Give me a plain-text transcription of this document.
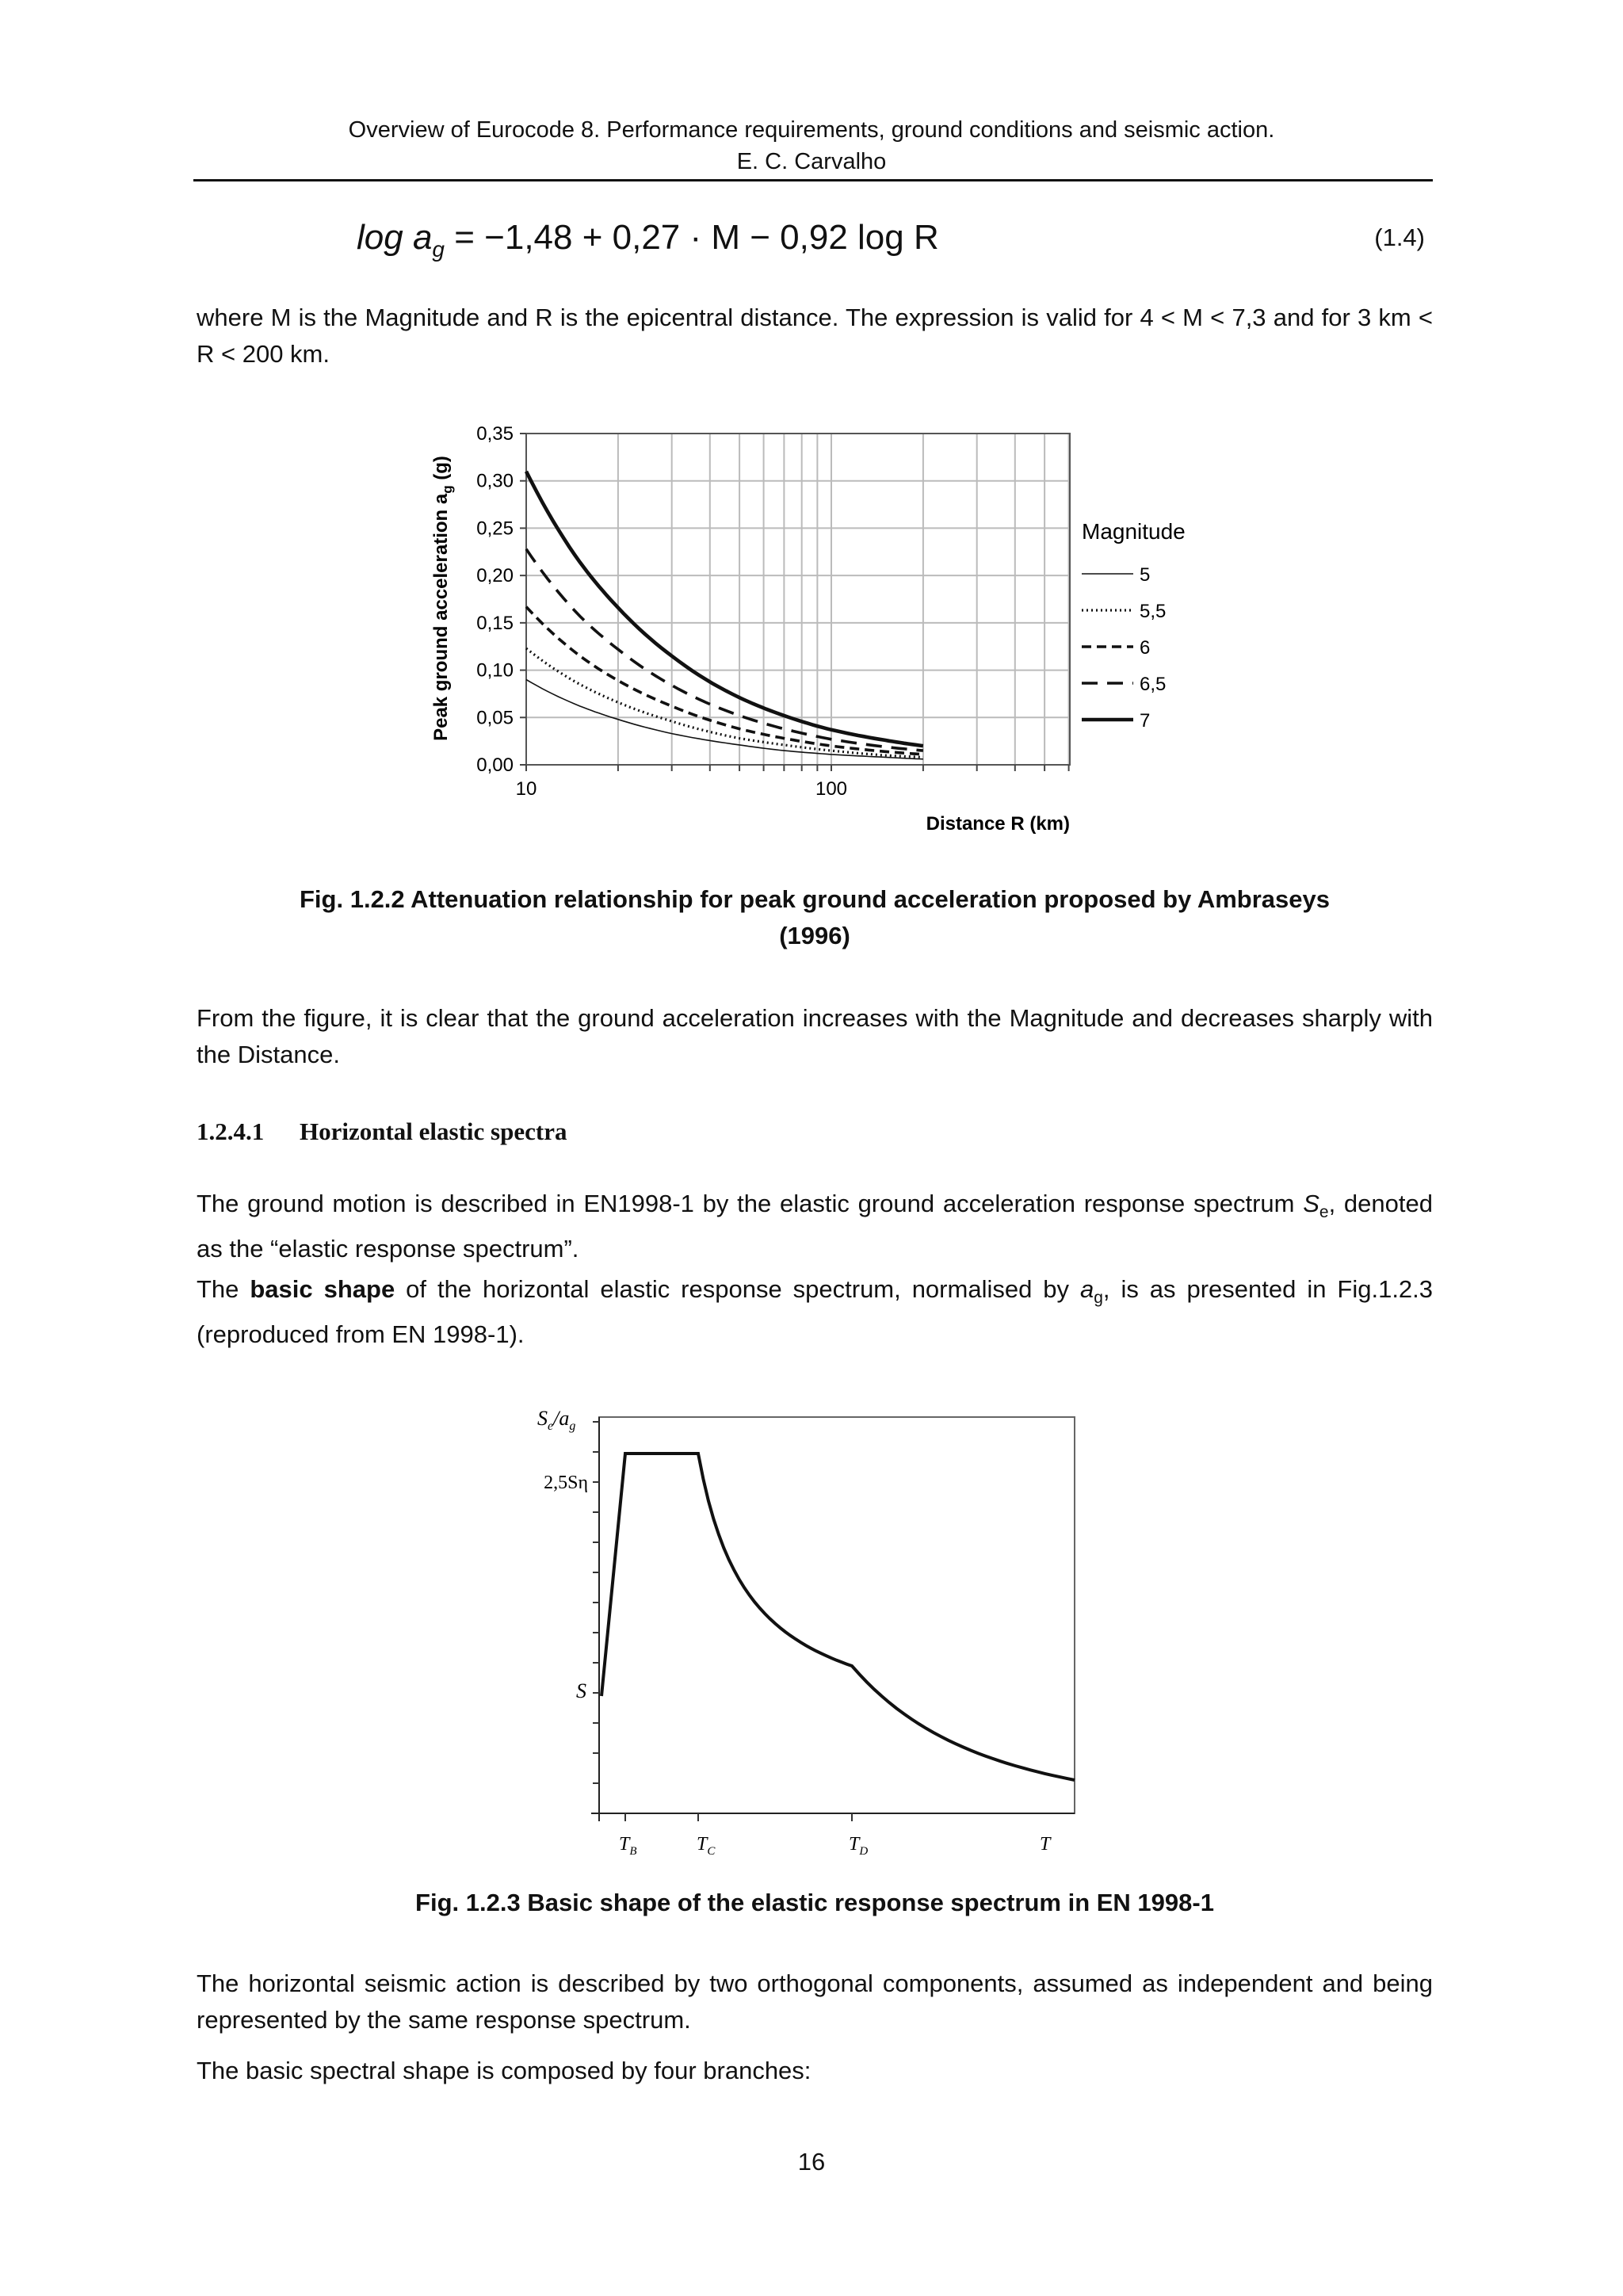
Overview of Eurocode 8. Performance requirements, ground conditions and seismic action.
E. C. Carvalho
$\log a_g = -1,48 + 0,27 \cdot M - 0,92$ log R	(1.4)
where M is the Magnitude and R is the epicentral distance. The expression is valid for 4 < M < 7,3 and for 3 km < R < 200 km.
0,00
0,05
0,10
0,15
0,20
0,25
0,30
0,35
10	100
Peak ground acceleration $a_g$ (g)
Distance R (km)
Magnitude
5
5,5
6
6,5
7
Fig. 1.2.2 Attenuation relationship for peak ground acceleration proposed by Ambraseys
(1996)
From the figure, it is clear that the ground acceleration increases with the Magnitude and decreases sharply with the Distance.
1.2.4.1 Horizontal elastic spectra
The ground motion is described in EN1998-1 by the elastic ground acceleration response spectrum $S_e$, denoted as the “elastic response spectrum”.
The basic shape of the horizontal elastic response spectrum, normalised by $a_g$, is as presented in Fig.1.2.3 (reproduced from EN 1998-1).
$S_e/a_g$
2,5Sη
S
$T_B$	$T_C$	$T_D$	T
Fig. 1.2.3 Basic shape of the elastic response spectrum in EN 1998-1
The horizontal seismic action is described by two orthogonal components, assumed as independent and being represented by the same response spectrum.
The basic spectral shape is composed by four branches:
16
